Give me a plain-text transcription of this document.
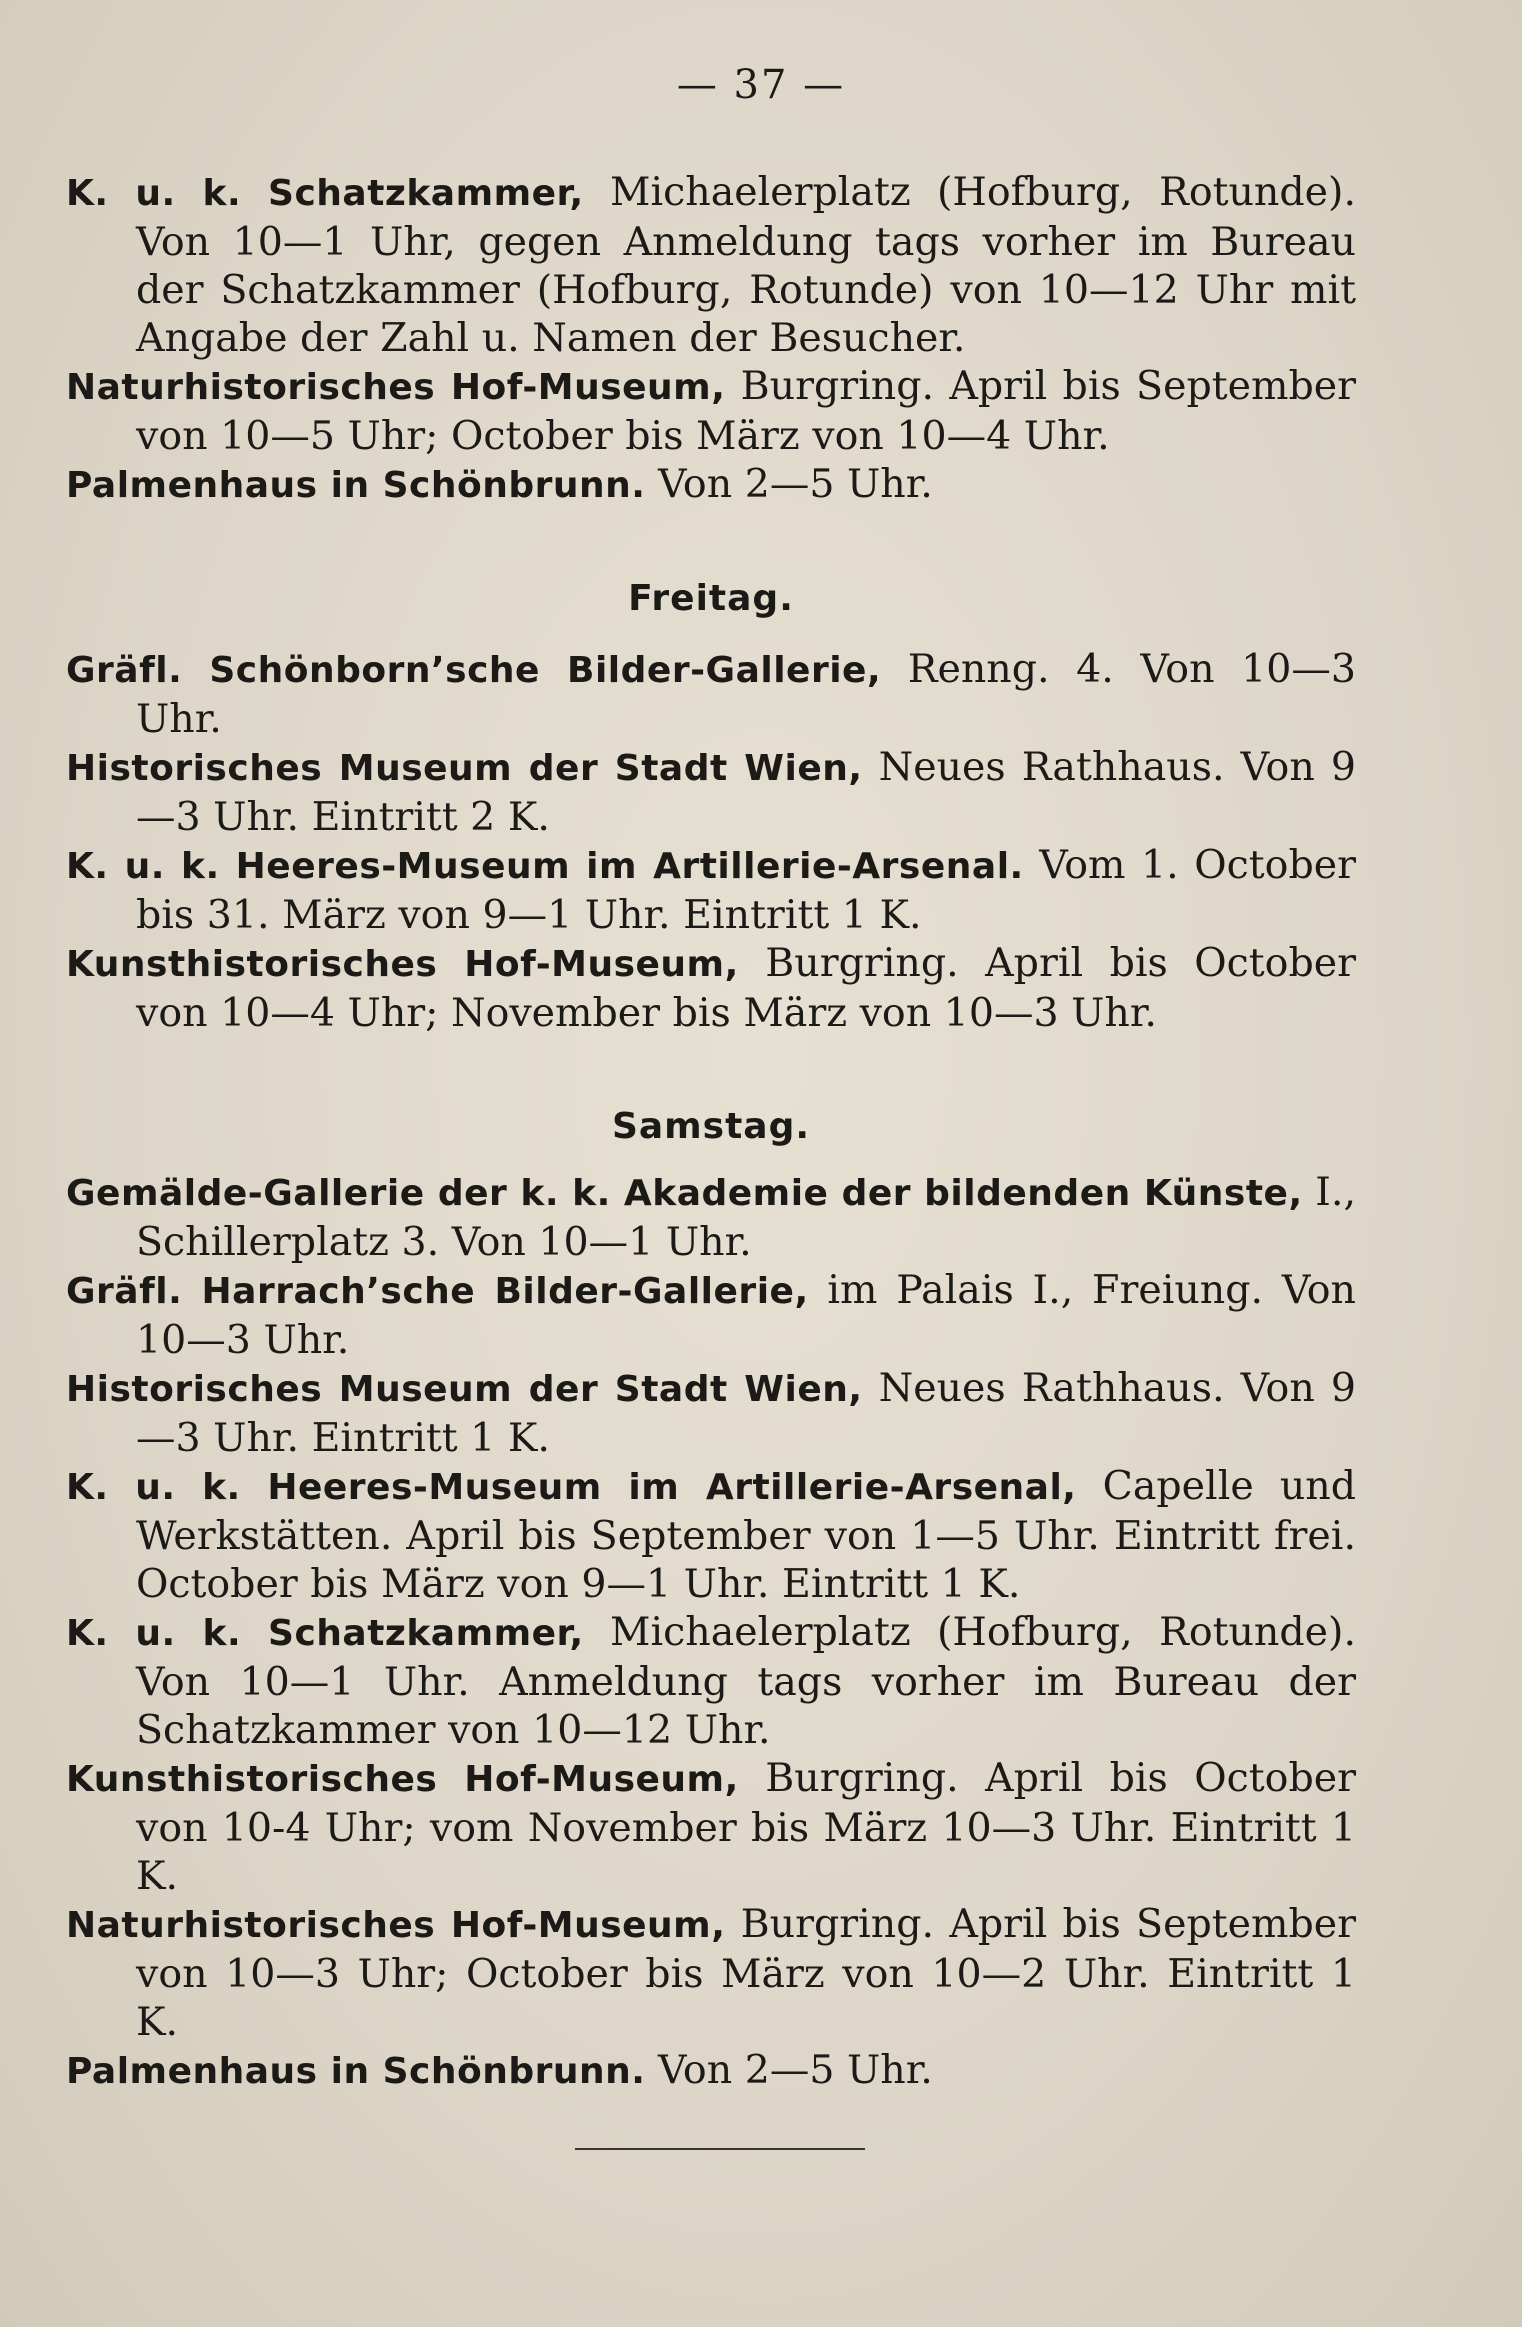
— 37 —

K. u. k. Schatzkammer, Michaelerplatz (Hofburg, Rotunde). Von 10—1 Uhr, gegen Anmeldung tags vorher im Bureau der Schatzkammer (Hofburg, Rotunde) von 10—12 Uhr mit Angabe der Zahl u. Namen der Besucher.

Naturhistorisches Hof-Museum, Burgring. April bis September von 10—5 Uhr; October bis März von 10—4 Uhr.

Palmenhaus in Schönbrunn. Von 2—5 Uhr.

Freitag.

Gräfl. Schönborn’sche Bilder-Gallerie, Renng. 4. Von 10—3 Uhr.

Historisches Museum der Stadt Wien, Neues Rathhaus. Von 9—3 Uhr. Eintritt 2 K.

K. u. k. Heeres-Museum im Artillerie-Arsenal. Vom 1. October bis 31. März von 9—1 Uhr. Eintritt 1 K.

Kunsthistorisches Hof-Museum, Burgring. April bis October von 10—4 Uhr; November bis März von 10—3 Uhr.

Samstag.

Gemälde-Gallerie der k. k. Akademie der bildenden Künste, I., Schillerplatz 3. Von 10—1 Uhr.

Gräfl. Harrach’sche Bilder-Gallerie, im Palais I., Freiung. Von 10—3 Uhr.

Historisches Museum der Stadt Wien, Neues Rathhaus. Von 9—3 Uhr. Eintritt 1 K.

K. u. k. Heeres-Museum im Artillerie-Arsenal, Capelle und Werkstätten. April bis September von 1—5 Uhr. Eintritt frei. October bis März von 9—1 Uhr. Eintritt 1 K.

K. u. k. Schatzkammer, Michaelerplatz (Hofburg, Rotunde). Von 10—1 Uhr. Anmeldung tags vorher im Bureau der Schatzkammer von 10—12 Uhr.

Kunsthistorisches Hof-Museum, Burgring. April bis October von 10-4 Uhr; vom November bis März 10—3 Uhr. Eintritt 1 K.

Naturhistorisches Hof-Museum, Burgring. April bis September von 10—3 Uhr; October bis März von 10—2 Uhr. Eintritt 1 K.

Palmenhaus in Schönbrunn. Von 2—5 Uhr.
